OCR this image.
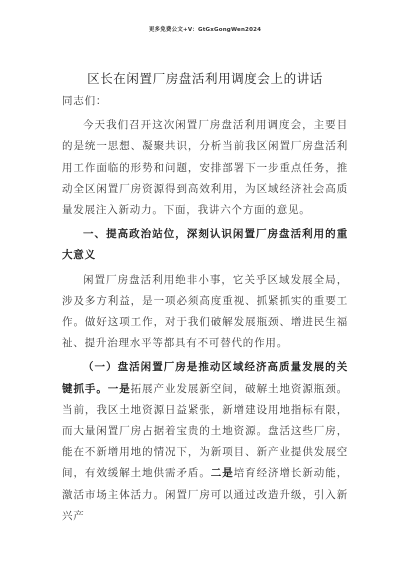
更多免费公文+V：GtGxGongWen2024
区长在闲置厂房盘活利用调度会上的讲话

同志们：

今天我们召开这次闲置厂房盘活利用调度会，主要目的是统一思想、凝聚共识，分析当前我区闲置厂房盘活利用工作面临的形势和问题，安排部署下一步重点任务，推动全区闲置厂房资源得到高效利用，为区域经济社会高质量发展注入新动力。下面，我讲六个方面的意见。

一、提高政治站位，深刻认识闲置厂房盘活利用的重大意义

闲置厂房盘活利用绝非小事，它关乎区域发展全局，涉及多方利益，是一项必须高度重视、抓紧抓实的重要工作。做好这项工作，对于我们破解发展瓶颈、增进民生福祉、提升治理水平等都具有不可替代的作用。

（一）盘活闲置厂房是推动区域经济高质量发展的关键抓手。一是拓展产业发展新空间，破解土地资源瓶颈。当前，我区土地资源日益紧张，新增建设用地指标有限，而大量闲置厂房占据着宝贵的土地资源。盘活这些厂房，能在不新增用地的情况下，为新项目、新产业提供发展空间，有效缓解土地供需矛盾。二是培育经济增长新动能，激活市场主体活力。闲置厂房可以通过改造升级，引入新兴产
